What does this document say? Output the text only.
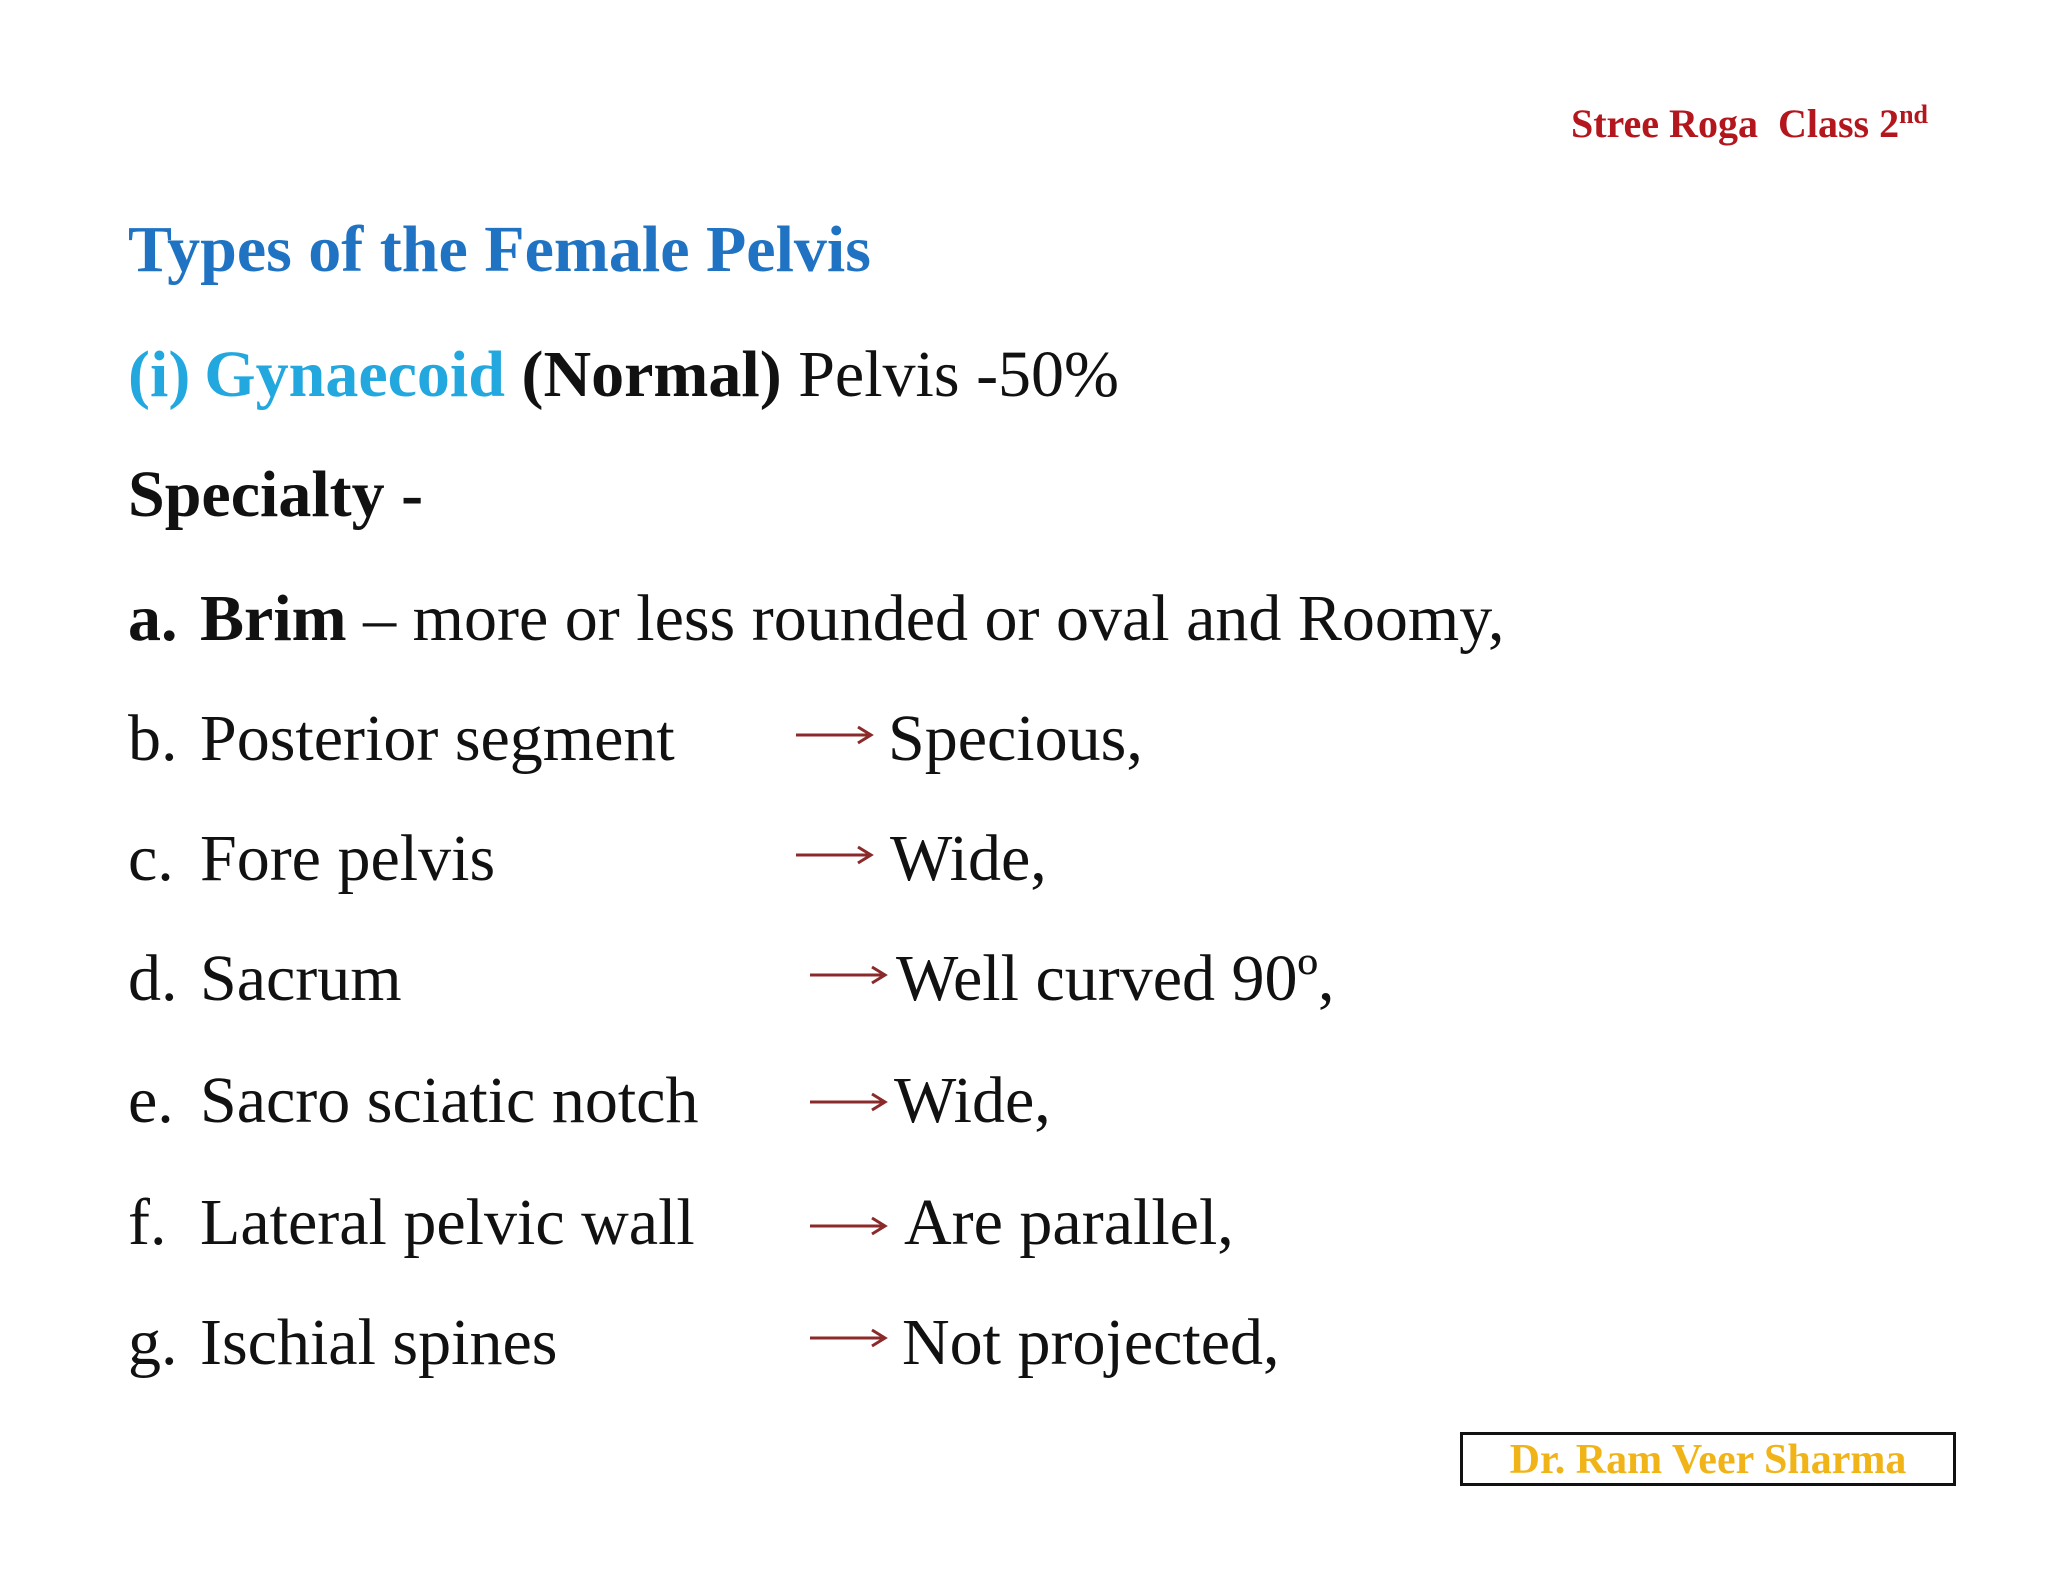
Stree Roga  Class 2nd
Types of the Female Pelvis
(i) Gynaecoid (Normal) Pelvis -50%
Specialty -
a. Brim – more or less rounded or oval and Roomy,
b. Posterior segment	Specious,
c. Fore pelvis	Wide,
d. Sacrum	Well curved 90º,
e. Sacro sciatic notch	Wide,
f. Lateral pelvic wall	Are parallel,
g. Ischial spines	Not projected,
Dr. Ram Veer Sharma
